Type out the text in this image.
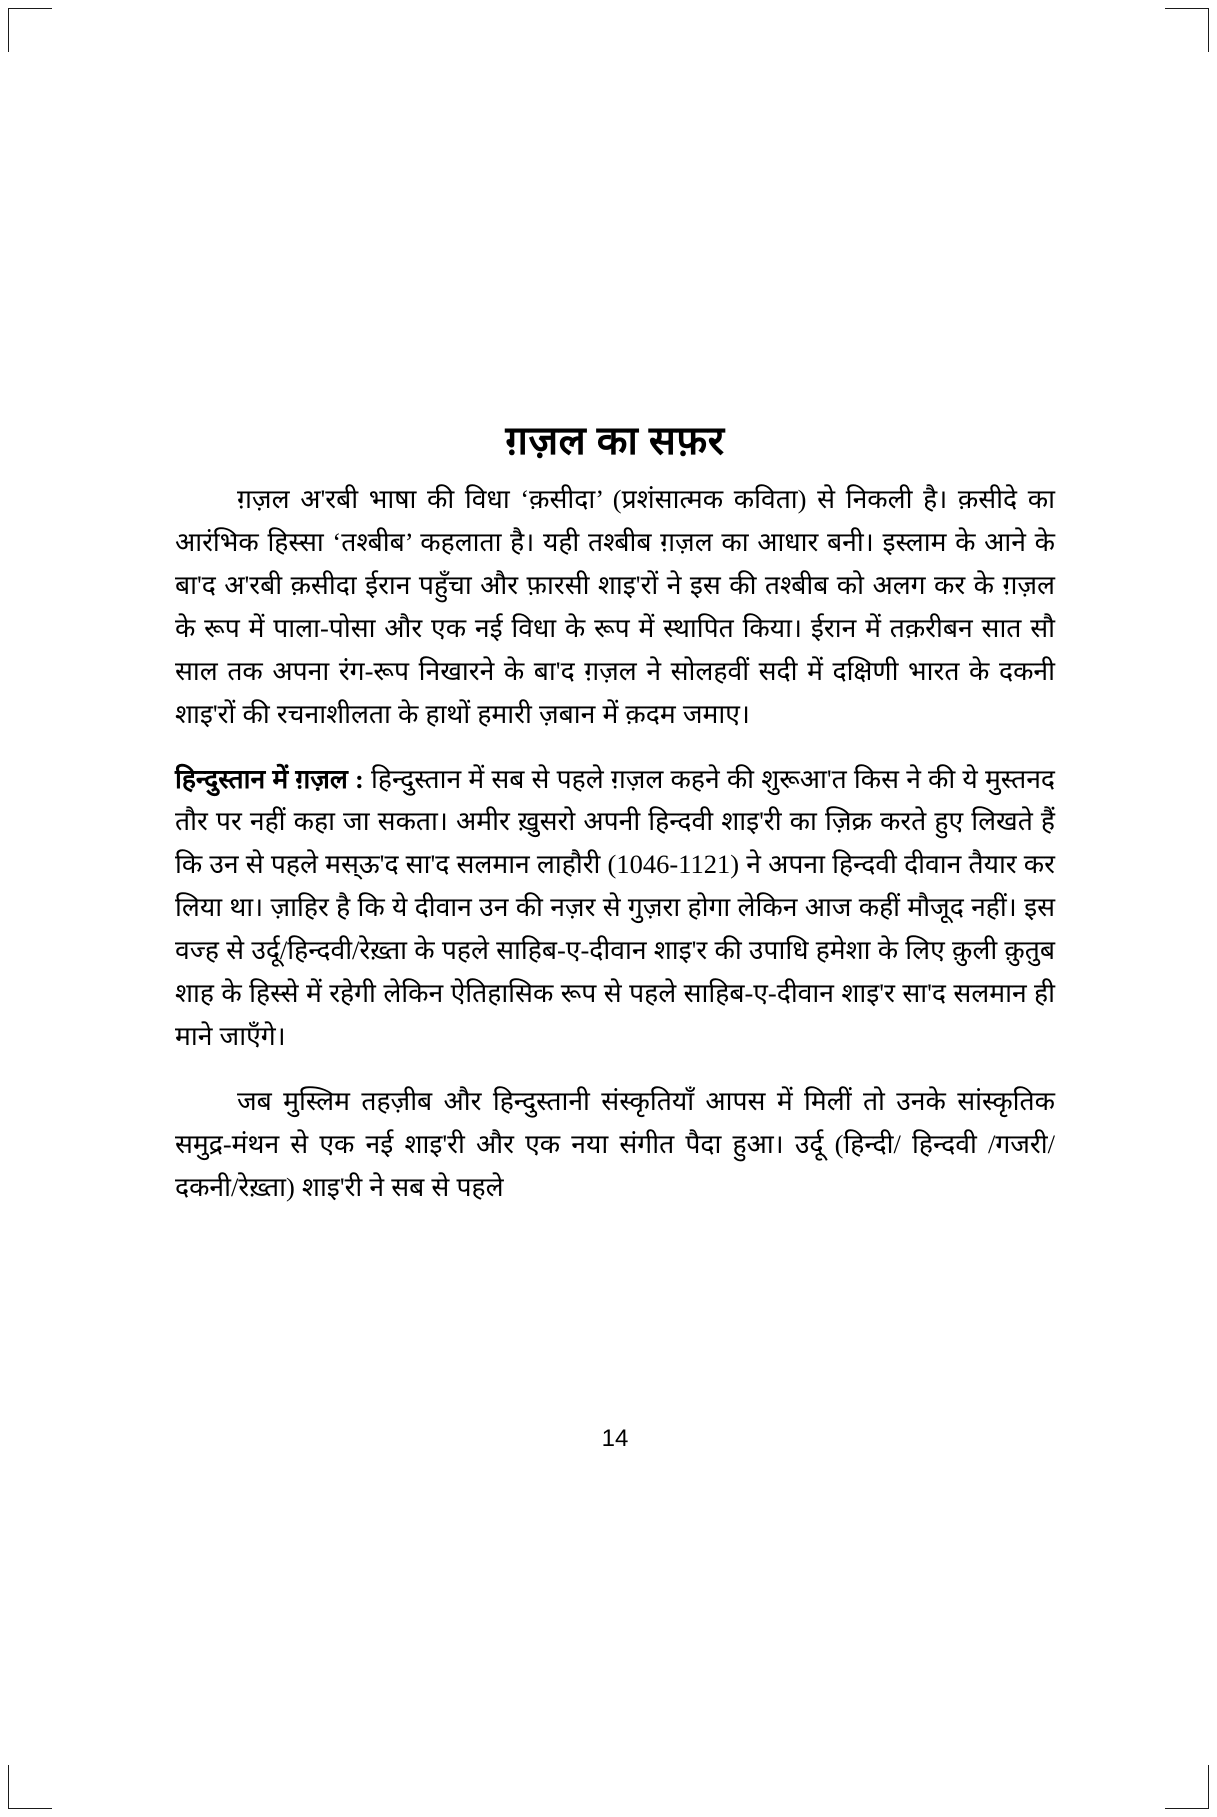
ग़ज़ल का सफ़र

ग़ज़ल अ'रबी भाषा की विधा ‘क़सीदा’ (प्रशंसात्मक कविता) से निकली है। क़सीदे का आरंभिक हिस्सा ‘तश्बीब’ कहलाता है। यही तश्बीब ग़ज़ल का आधार बनी। इस्लाम के आने के बा'द अ'रबी क़सीदा ईरान पहुँचा और फ़ारसी शाइ'रों ने इस की तश्बीब को अलग कर के ग़ज़ल के रूप में पाला-पोसा और एक नई विधा के रूप में स्थापित किया। ईरान में तक़रीबन सात सौ साल तक अपना रंग-रूप निखारने के बा'द ग़ज़ल ने सोलहवीं सदी में दक्षिणी भारत के दकनी शाइ'रों की रचनाशीलता के हाथों हमारी ज़बान में क़दम जमाए।

हिन्दुस्तान में ग़ज़ल : हिन्दुस्तान में सब से पहले ग़ज़ल कहने की शुरूआ'त किस ने की ये मुस्तनद तौर पर नहीं कहा जा सकता। अमीर ख़ुसरो अपनी हिन्दवी शाइ'री का ज़िक्र करते हुए लिखते हैं कि उन से पहले मस्ऊ'द सा'द सलमान लाहौरी (1046-1121) ने अपना हिन्दवी दीवान तैयार कर लिया था। ज़ाहिर है कि ये दीवान उन की नज़र से गुज़रा होगा लेकिन आज कहीं मौजूद नहीं। इस वज्ह से उर्दू/हिन्दवी/रेख़्ता के पहले साहिब-ए-दीवान शाइ'र की उपाधि हमेशा के लिए क़ुली क़ुतुब शाह के हिस्से में रहेगी लेकिन ऐतिहासिक रूप से पहले साहिब-ए-दीवान शाइ'र सा'द सलमान ही माने जाएँगे।

जब मुस्लिम तहज़ीब और हिन्दुस्तानी संस्कृतियाँ आपस में मिलीं तो उनके सांस्कृतिक समुद्र-मंथन से एक नई शाइ'री और एक नया संगीत पैदा हुआ। उर्दू (हिन्दी/ हिन्दवी /गजरी/दकनी/रेख़्ता) शाइ'री ने सब से पहले

14
